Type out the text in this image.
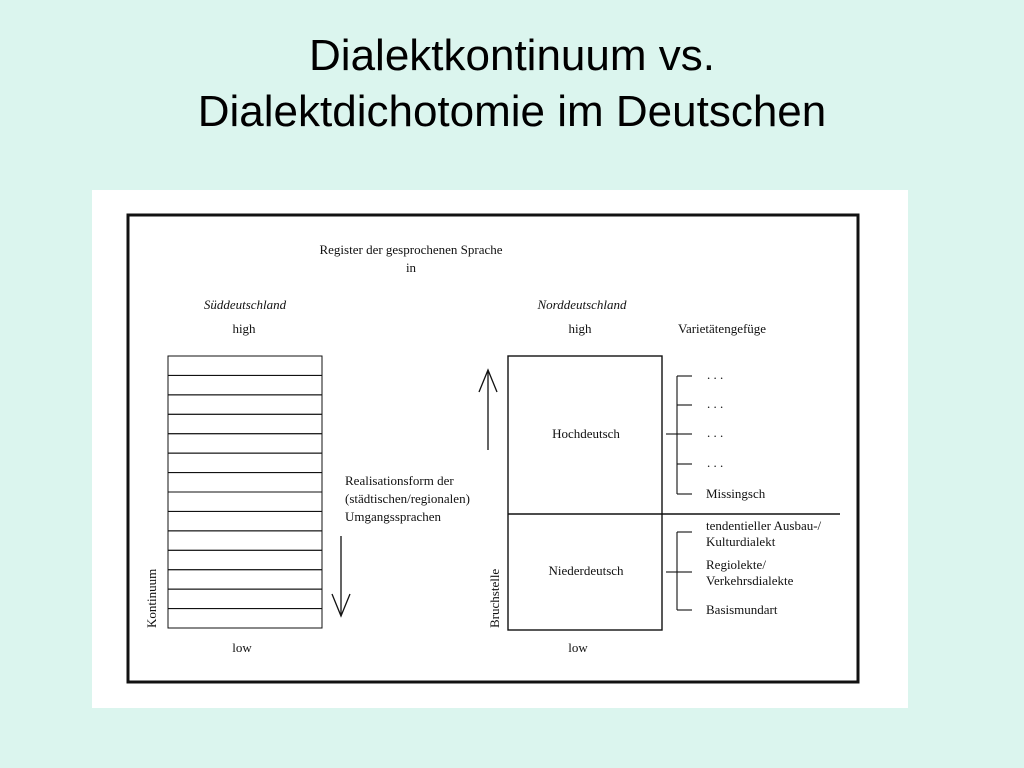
Dialektkontinuum vs.
Dialektdichotomie im Deutschen
Register der gesprochenen Sprache
in
Süddeutschland
high
low
Kontinuum
Norddeutschland
high
low
Bruchstelle
Hochdeutsch
Niederdeutsch
Realisationsform der
(städtischen/regionalen)
Umgangssprachen
Varietätengefüge
. . .
. . .
. . .
. . .
Missingsch
tendentieller Ausbau-/
Kulturdialekt
Regiolekte/
Verkehrsdialekte
Basismundart
